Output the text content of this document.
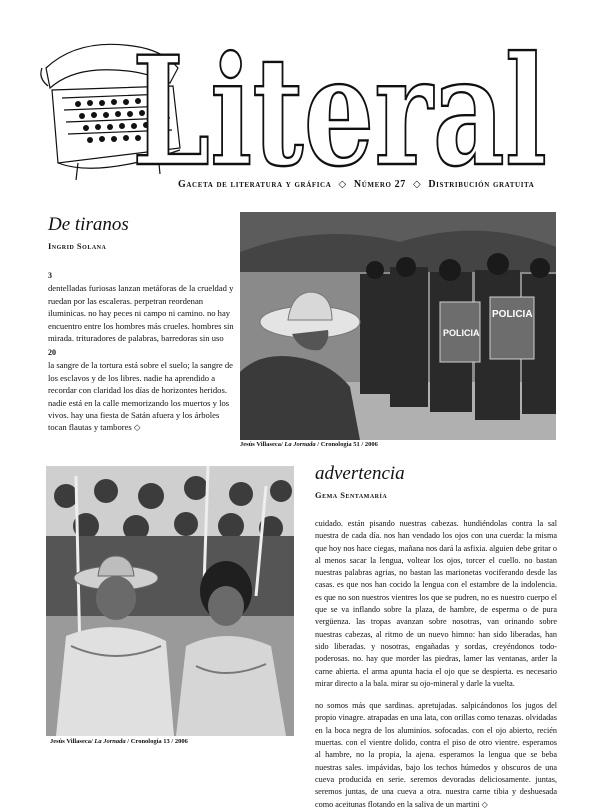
Literal
Gaceta de literatura y gráfica ◇ Número 27 ◇ Distribución gratuita
De tiranos
Ingrid Solana
3

dentelladas furiosas lanzan metáforas de la crueldad y ruedan por las escaleras. perpetran reordenan iluminicas. no hay peces ni campo ni camino. no hay encuentro entre los hombres más crueles. hombres sin mirada. trituradores de palabras, barredoras sin uso

20

la sangre de la tortura está sobre el suelo; la sangre de los esclavos y de los libres. nadie ha aprendido a recordar con claridad los días de horizontes heridos. nadie está en la calle memorizando los muertos y los vivos. hay una fiesta de Satán afuera y los árboles tocan flautas y tambores ◇

POLICIA
POLICIA
Jesús Villaseca/ La Jornada / Cronología 51 / 2006
Jesús Villaseca/ La Jornada / Cronología 13 / 2006
advertencia
Gema Sentamaría

cuidado. están pisando nuestras cabezas. hundiéndolas contra la sal nuestra de cada día. nos han vendado los ojos con una cuerda: la misma que hoy nos hace ciegas, mañana nos dará la asfixia. alguien debe gritar o al menos sacar la lengua, voltear los ojos, torcer el cuello. no bastan nuestras palabras agrias, no bastan las marionetas vociferando desde las casas. es que nos han cocido la lengua con el estambre de la indolencia. es que no son nuestros vientres los que se pudren, no es nuestro cuerpo el que se va inflando sobre la plaza, de hambre, de esperma o de pura vergüenza. las tropas avanzan sobre nosotras, van orinando sobre nuestras cabezas, al ritmo de un nuevo himno: han sido liberadas, han sido liberadas. y nosotras, engañadas y sordas, creyéndonos todo-poderosas. no. hay que morder las piedras, lamer las ventanas, arder la carne abierta. el arma apunta hacia el ojo que se despierta. es necesario mirar directo a la bala. mirar su ojo-mineral y darle la vuelta.

no somos más que sardinas. apretujadas. salpicándonos los jugos del propio vinagre. atrapadas en una lata, con orillas como tenazas. olvidadas en la boca negra de los aluminios. sofocadas. con el ojo abierto, recién muertas. con el vientre dolido, contra el piso de otro vientre. esperamos al hambre, no la propia, la ajena. esperamos la lengua que se beba nuestras sales. impávidas, bajo los techos húmedos y obscuros de una cueva producida en serie. seremos devoradas deliciosamente. juntas, seremos juntas, de una cueva a otra. nuestra carne tibia y deshuesada como aceitunas flotando en la saliva de un martini ◇
